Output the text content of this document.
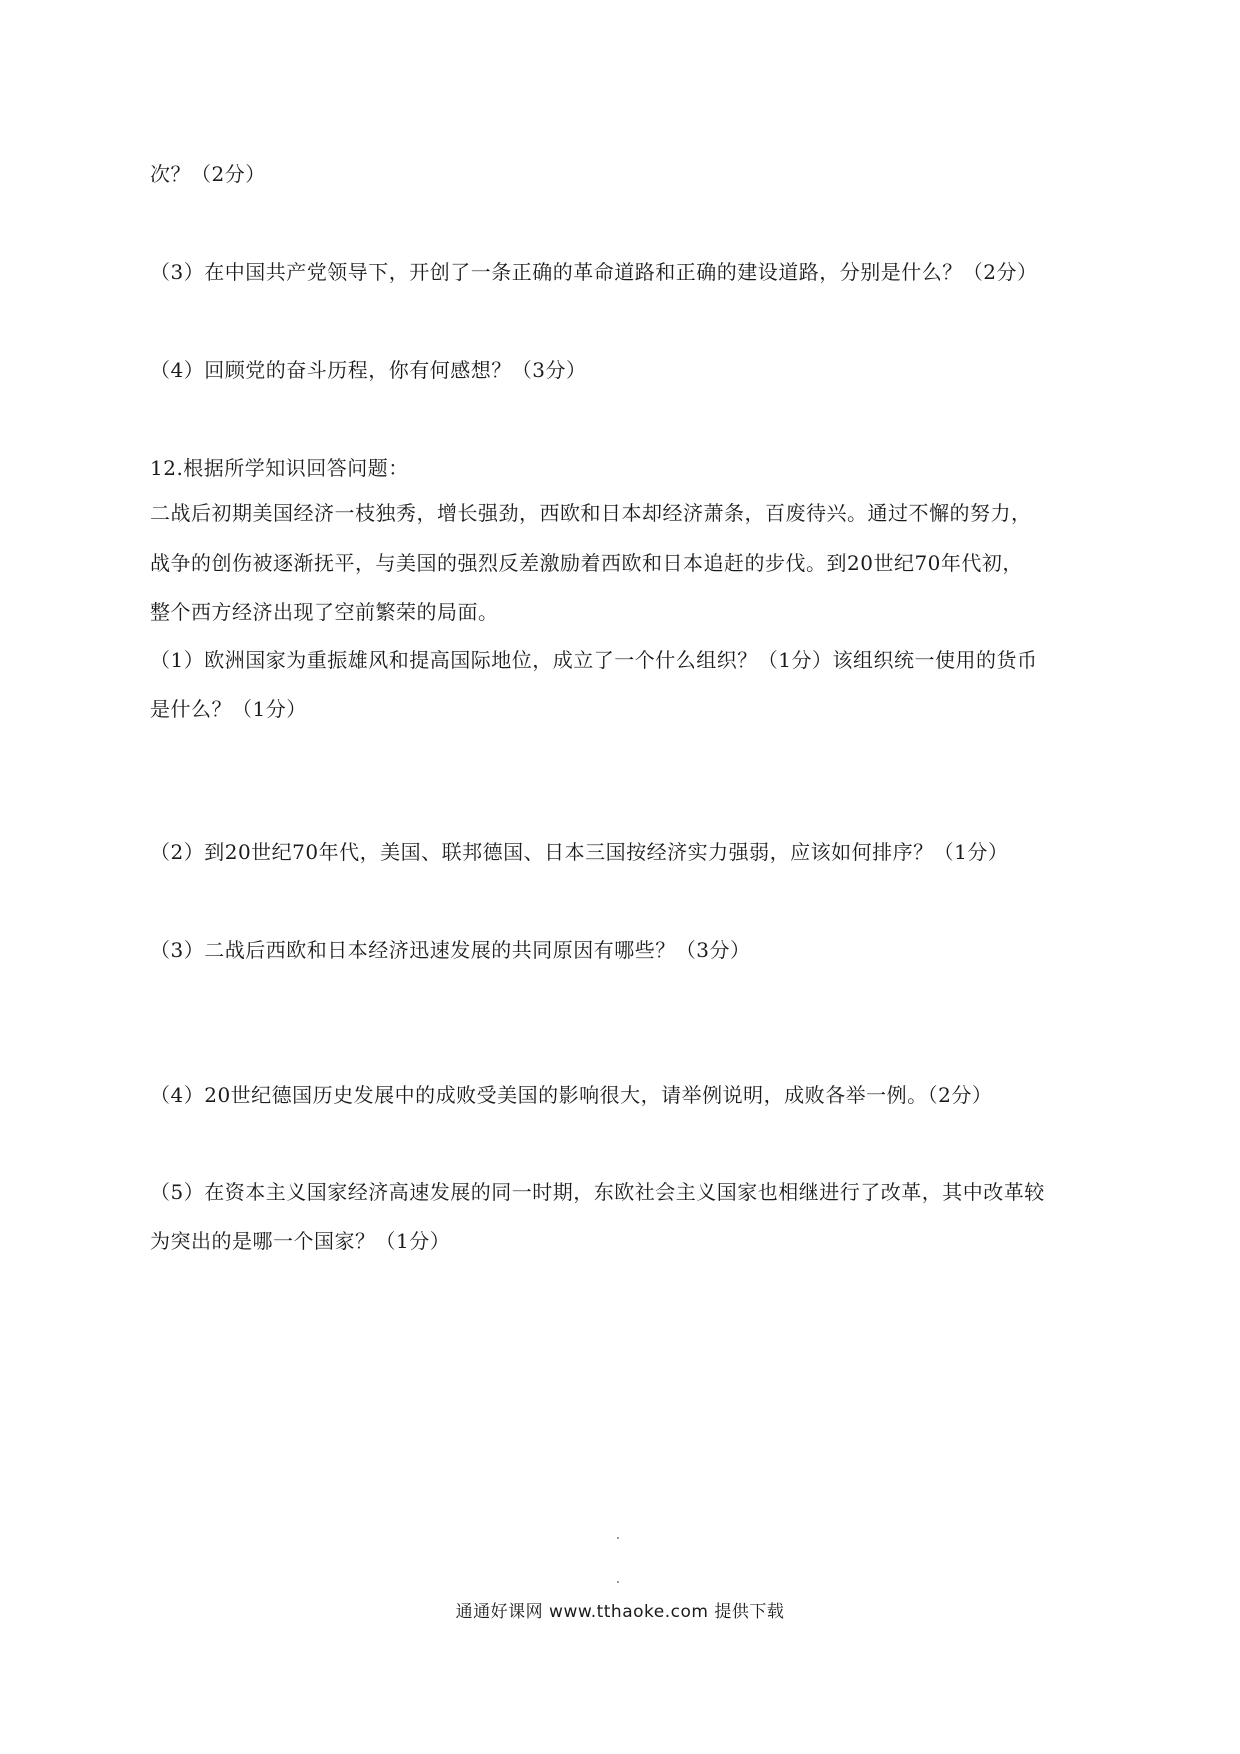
次？（2分）
（3）在中国共产党领导下，开创了一条正确的革命道路和正确的建设道路，分别是什么？（2分）
（4）回顾党的奋斗历程，你有何感想？（3分）
12.根据所学知识回答问题：
二战后初期美国经济一枝独秀，增长强劲，西欧和日本却经济萧条，百废待兴。通过不懈的努力，
战争的创伤被逐渐抚平，与美国的强烈反差激励着西欧和日本追赶的步伐。到20世纪70年代初，
整个西方经济出现了空前繁荣的局面。
（1）欧洲国家为重振雄风和提高国际地位，成立了一个什么组织？（1分）该组织统一使用的货币
是什么？（1分）
（2）到20世纪70年代，美国、联邦德国、日本三国按经济实力强弱，应该如何排序？（1分）
（3）二战后西欧和日本经济迅速发展的共同原因有哪些？（3分）
（4）20世纪德国历史发展中的成败受美国的影响很大，请举例说明，成败各举一例。（2分）
（5）在资本主义国家经济高速发展的同一时期，东欧社会主义国家也相继进行了改革，其中改革较
为突出的是哪一个国家？（1分）
通通好课网 www.tthaoke.com 提供下载
